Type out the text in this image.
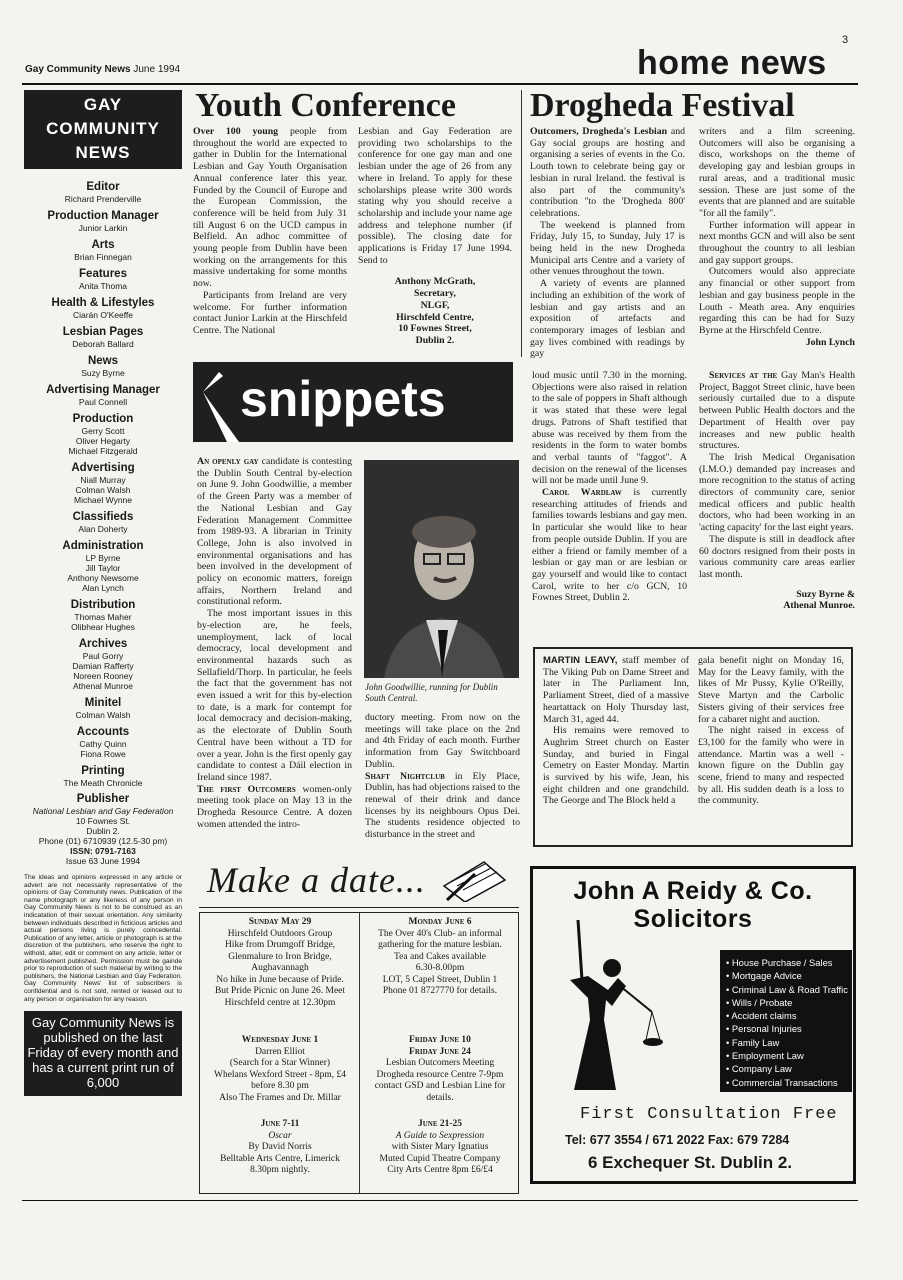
3
Gay Community News June 1994	home news
GAY
COMMUNITY
NEWS
Editor
Richard Prenderville
Production Manager
Junior Larkin
Arts
Brian Finnegan
Features
Anita Thoma
Health & Lifestyles
Ciarán O'Keeffe
Lesbian Pages
Deborah Ballard
News
Suzy Byrne
Advertising Manager
Paul Connell
Production
Gerry Scott
Oliver Hegarty
Michael Fitzgerald
Advertising
Niall Murray
Colman Walsh
Michael Wynne
Classifieds
Alan Doherty
Administration
LP Byrne
Jill Taylor
Anthony Newsome
Alan Lynch
Distribution
Thomas Maher
Olibhear Hughes
Archives
Paul Gorry
Damian Rafferty
Noreen Rooney
Athenal Munroe
Minitel
Colman Walsh
Accounts
Cathy Quinn
Fiona Rowe
Printing
The Meath Chronicle
Publisher
National Lesbian and Gay Federation
10 Fownes St.
Dublin 2.
Phone (01) 6710939 (12.5-30 pm)
ISSN: 0791-7163
Issue 63 June 1994
The ideas and opinions expressed in any article or advert are not necessarily representative of the opinions of Gay Community news. Publication of the name photograph or any likeness of any person in Gay Community News is not to be construed as an indicatation of their sexual orientation. Any similarity between individuals described in ficticious articles and actual persons living is purely coincedental. Publication of any letter, article or photograph is at the discretion of the publishers, who reserve the right to withold, alter, edit or comment on any article, letter or advertisement published. Permission must be gainde prior to reproduction of such material by writing to the publishers, the National Lesbian and Gay Federation. Gay Community News' list of subscribers is confidential and is not sold, rented or leased out to any person or organisation for any reason.
Gay Community News is published on the last Friday of every month and has a current print run of 6,000
Youth Conference

Over 100 young people from throughout the world are expected to gather in Dublin for the International Lesbian and Gay Youth Organisation Annual conference later this year. Funded by the Council of Europe and the European Commission, the conference will be held from July 31 till August 6 on the UCD campus in Belfield. An adhoc committee of young people from Dublin have been working on the arrangements for this massive undertaking for some months now.

Participants from Ireland are very welcome. For further information contact Junior Larkin at the Hirschfeld Centre. The National

Lesbian and Gay Federation are providing two scholarships to the conference for one gay man and one lesbian under the age of 26 from any where in Ireland. To apply for these scholarships please write 300 words stating why you should receive a scholarship and include your name age address and telephone number (if possible). The closing date for applications is Friday 17 June 1994. Send to

Anthony McGrath,
Secretary,
NLGF,
Hirschfeld Centre,
10 Fownes Street,
Dublin 2.
Drogheda Festival

Outcomers, Drogheda's Lesbian and Gay social groups are hosting and organising a series of events in the Co. Louth town to celebrate being gay or lesbian in rural Ireland. the festival is also part of the community's contribution "to the 'Drogheda 800' celebrations.

The weekend is planned from Friday, July 15, to Sunday, July 17 is being held in the new Drogheda Municipal arts Centre and a variety of other venues throughout the town.

A variety of events are planned including an exhibition of the work of lesbian and gay artists and an exposition of artefacts and contemporary images of lesbian and gay lives combined with readings by gay

writers and a film screening. Outcomers will also be organising a disco, workshops on the theme of developing gay and lesbian groups in rural areas, and a traditional music session. These are just some of the events that are planned and are suitable "for all the family".

Further information will appear in next months GCN and will also be sent throughout the country to all lesbian and gay support groups.

Outcomers would also appreciate any financial or other support from lesbian and gay business people in the Louth - Meath area. Any enquiries regarding this can be had for Suzy Byrne at the Hirschfeld Centre.

John Lynch
snippets

An openly gay candidate is contesting the Dublin South Central by-election on June 9. John Goodwillie, a member of the Green Party was a member of the National Lesbian and Gay Federation Management Committee from 1989-93. A librarian in Trinity College, John is also involved in environmental organisations and has been involved in the development of policy on economic matters, foreign affairs, Northern Ireland and constitutional reform.

The most important issues in this by-election are, he feels, unemployment, lack of local democracy, local development and environmental hazards such as Sellafield/Thorp. In particular, he feels the fact that the government has not even issued a writ for this by-election to date, is a mark for contempt for local democracy and decision-making, as the electorate of Dublin South Central have been without a TD for over a year. John is the first openly gay candidate to contest a Dáil election in Ireland since 1987.

The first Outcomers women-only meeting took place on May 13 in the Drogheda Resource Centre. A dozen women attended the intro-

John Goodwillie, running for Dublin South Central.

ductory meeting. From now on the meetings will take place on the 2nd and 4th Friday of each month. Further information from Gay Switchboard Dublin.

Shaft Nightclub in Ely Place, Dublin, has had objections raised to the renewal of their drink and dance licenses by its neighbours Opus Dei. The students residence objected to disturbance in the street and

loud music until 7.30 in the morning. Objections were also raised in relation to the sale of poppers in Shaft although it was stated that these were legal drugs. Patrons of Shaft testified that abuse was received by them from the residents in the form to water bombs and verbal taunts of "faggot". A decision on the renewal of the licenses will not be made until June 9.

Carol Wardlaw is currently researching attitudes of friends and families towards lesbians and gay men. In particular she would like to hear from people outside Dublin. If you are either a friend or family member of a lesbian or gay man or are lesbian or gay yourself and would like to contact Carol, write to her c/o GCN, 10 Fownes Street, Dublin 2.

Services at the Gay Man's Health Project, Baggot Street clinic, have been seriously curtailed due to a dispute between Public Health doctors and the Department of Health over pay increases and new public health structures.

The Irish Medical Organisation (I.M.O.) demanded pay increases and more recognition to the status of acting directors of community care, senior medical officers and public health doctors, who had been working in an 'acting capacity' for the last eight years.

The dispute is still in deadlock after 60 doctors resigned from their posts in various community care areas earlier last month.

Suzy Byrne &
Athenal Munroe.

MARTIN LEAVY, staff member of The Viking Pub on Dame Street and later in The Parliament Inn, Parliament Street, died of a massive heartattack on Holy Thursday last, March 31, aged 44.

His remains were removed to Aughrim Street church on Easter Sunday, and buried in Fingal Cemetry on Easter Monday. Martin is survived by his wife, Jean, his eight children and one grandchild. The George and The Block held a

gala benefit night on Monday 16, May for the Leavy family, with the likes of Mr Pussy, Kylie O'Reilly, Steve Martyn and the Carbolic Sisters giving of their services free for a cabaret night and auction.

The night raised in excess of £3,100 for the family who were in attendance. Martin was a well - known figure on the Dublin gay scene, friend to many and respected by all. His sudden death is a loss to the community.

Make a date...
Sunday May 29
Hirschfeld Outdoors Group
Hike from Drumgoff Bridge,
Glenmalure to Iron Bridge,
Aughavannagh
No hike in June because of Pride.
But Pride Picnic on June 26. Meet
Hirschfeld centre at 12.30pm
Monday June 6
The Over 40's Club- an informal
gathering for the mature lesbian.
Tea and Cakes available
6.30-8.00pm
LOT, 5 Capel Street, Dublin 1
Phone 01 8727770 for details.
Wednesday June 1
Darren Elliot
(Search for a Star Winner)
Whelans Wexford Street - 8pm, £4
before 8.30 pm
Also The Frames and Dr. Millar
Friday June 10
Friday June 24
Lesbian Outcomers Meeting
Drogheda resource Centre 7-9pm
contact GSD and Lesbian Line for
details.
June 7-11
Oscar
By David Norris
Belltable Arts Centre, Limerick
8.30pm nightly.
June 21-25
A Guide to Sexpression
with Sister Mary Ignatius
Muted Cupid Theatre Company
City Arts Centre 8pm £6/£4
John A Reidy & Co.
Solicitors
• House Purchase / Sales
• Mortgage Advice
• Criminal Law & Road Traffic
• Wills / Probate
• Accident claims
• Personal Injuries
• Family Law
• Employment Law
• Company Law
• Commercial Transactions
First Consultation Free
Tel: 677 3554 / 671 2022 Fax: 679 7284
6 Exchequer St. Dublin 2.
